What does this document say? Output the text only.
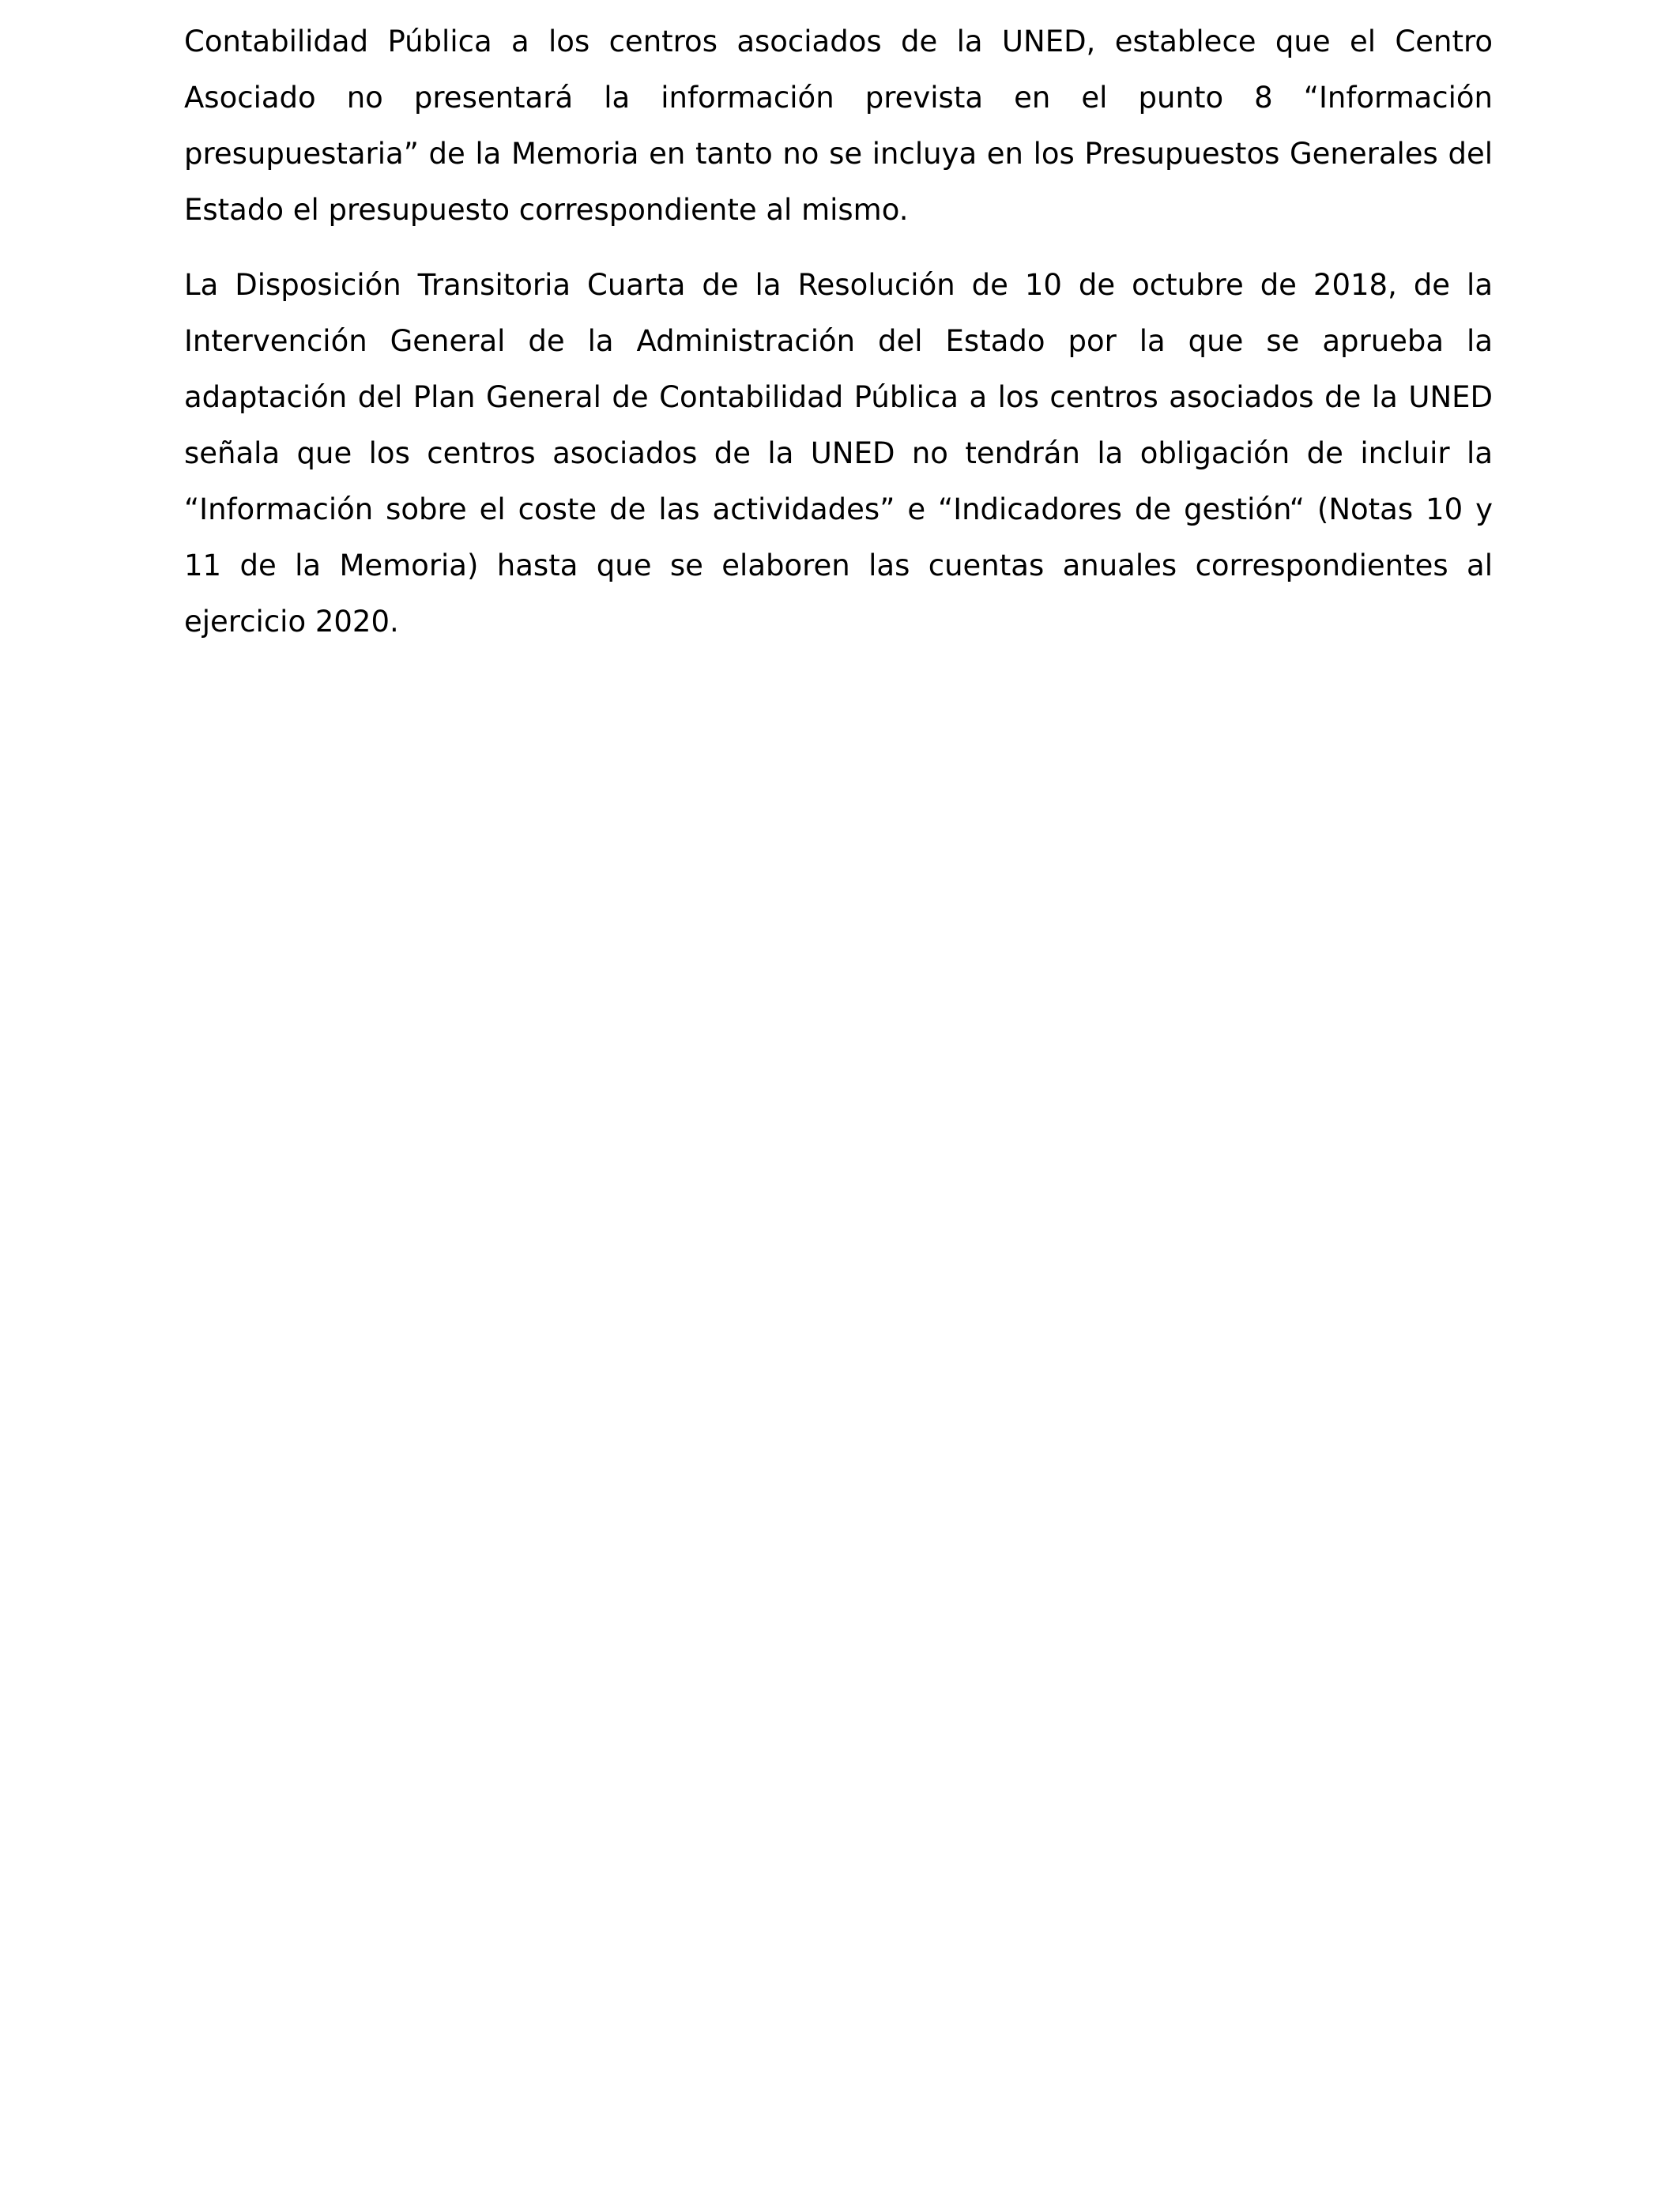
Contabilidad Pública a los centros asociados de la UNED, establece que el Centro Asociado no presentará la información prevista en el punto 8 “Información presupuestaria” de la Memoria en tanto no se incluya en los Presupuestos Generales del Estado el presupuesto correspondiente al mismo.

La Disposición Transitoria Cuarta de la Resolución de 10 de octubre de 2018, de la Intervención General de la Administración del Estado por la que se aprueba la adaptación del Plan General de Contabilidad Pública a los centros asociados de la UNED señala que los centros asociados de la UNED no tendrán la obligación de incluir la “Información sobre el coste de las actividades” e “Indicadores de gestión“ (Notas 10 y 11 de la Memoria) hasta que se elaboren las cuentas anuales correspondientes al ejercicio 2020.
